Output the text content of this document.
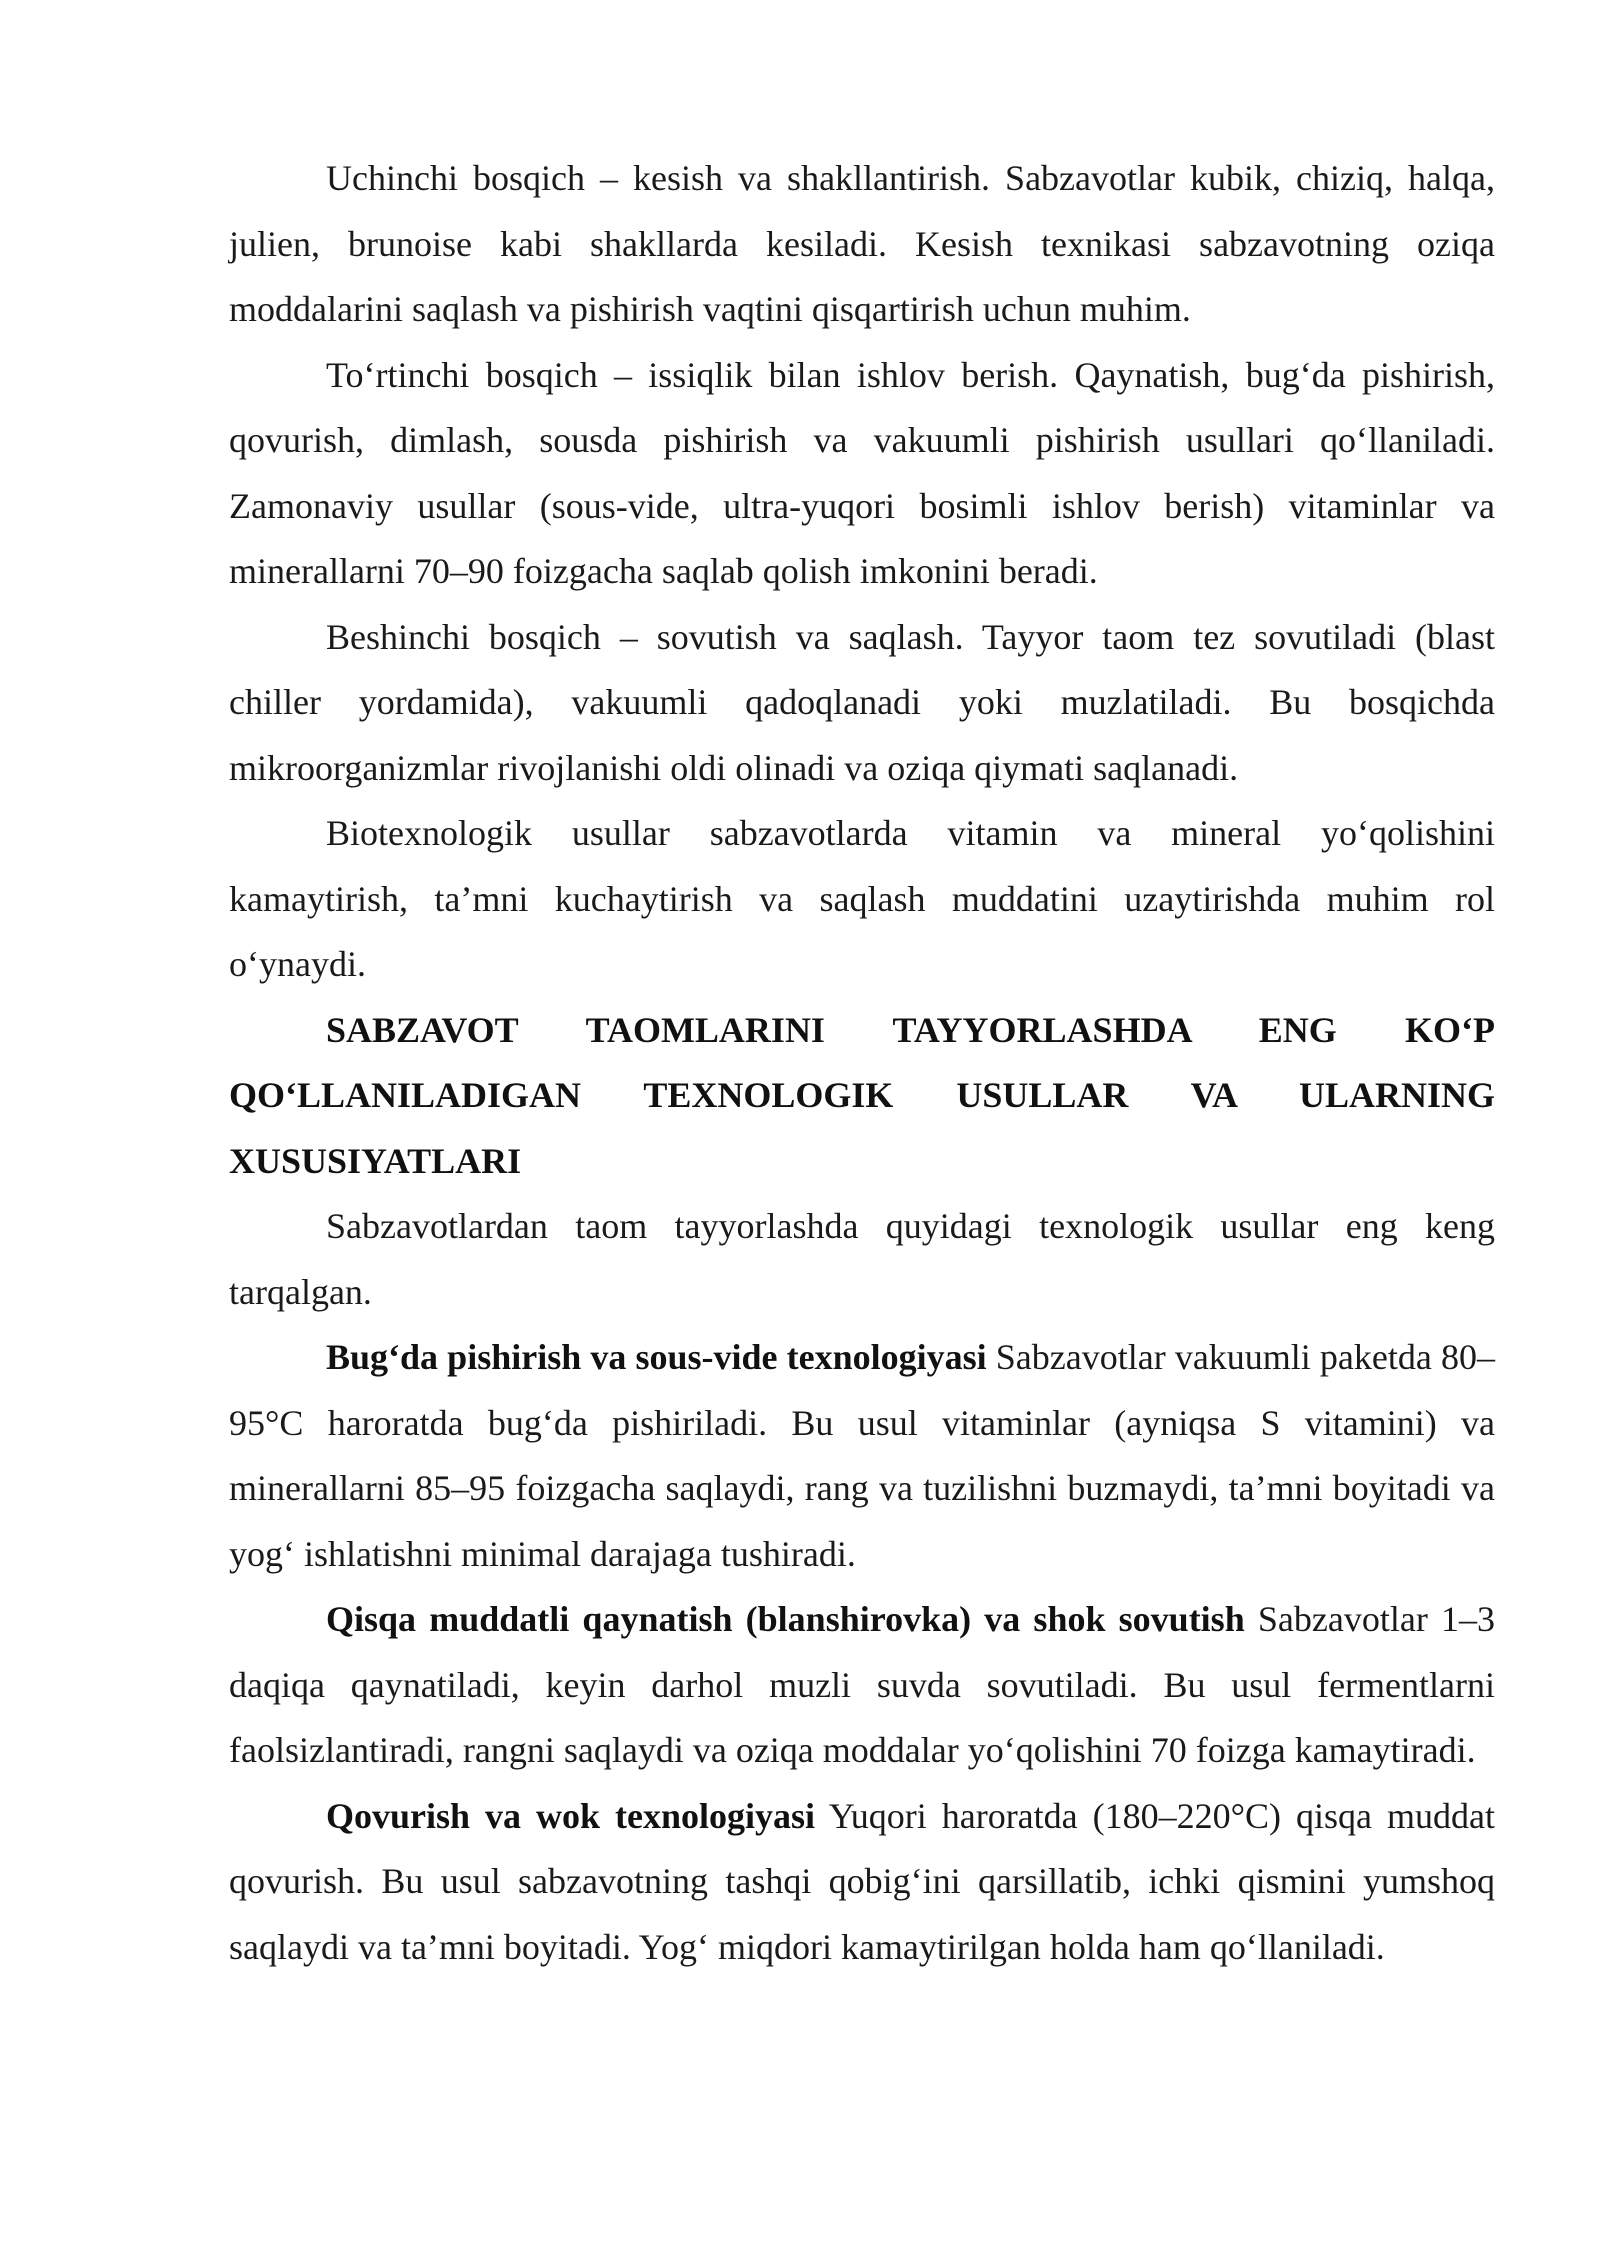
Uchinchi bosqich – kesish va shakllantirish. Sabzavotlar kubik, chiziq, halqa, julien, brunoise kabi shakllarda kesiladi. Kesish texnikasi sabzavotning oziqa moddalarini saqlash va pishirish vaqtini qisqartirish uchun muhim.

To‘rtinchi bosqich – issiqlik bilan ishlov berish. Qaynatish, bug‘da pishirish, qovurish, dimlash, sousda pishirish va vakuumli pishirish usullari qo‘llaniladi. Zamonaviy usullar (sous-vide, ultra-yuqori bosimli ishlov berish) vitaminlar va minerallarni 70–90 foizgacha saqlab qolish imkonini beradi.

Beshinchi bosqich – sovutish va saqlash. Tayyor taom tez sovutiladi (blast chiller yordamida), vakuumli qadoqlanadi yoki muzlatiladi. Bu bosqichda mikroorganizmlar rivojlanishi oldi olinadi va oziqa qiymati saqlanadi.

Biotexnologik usullar sabzavotlarda vitamin va mineral yo‘qolishini kamaytirish, ta’mni kuchaytirish va saqlash muddatini uzaytirishda muhim rol o‘ynaydi.

SABZAVOT TAOMLARINI TAYYORLASHDA ENG KO‘P QO‘LLANILADIGAN TEXNOLOGIK USULLAR VA ULARNING XUSUSIYATLARI

Sabzavotlardan taom tayyorlashda quyidagi texnologik usullar eng keng tarqalgan.

Bug‘da pishirish va sous-vide texnologiyasi Sabzavotlar vakuumli paketda 80–95°C haroratda bug‘da pishiriladi. Bu usul vitaminlar (ayniqsa S vitamini) va minerallarni 85–95 foizgacha saqlaydi, rang va tuzilishni buzmaydi, ta’mni boyitadi va yog‘ ishlatishni minimal darajaga tushiradi.

Qisqa muddatli qaynatish (blanshirovka) va shok sovutish Sabzavotlar 1–3 daqiqa qaynatiladi, keyin darhol muzli suvda sovutiladi. Bu usul fermentlarni faolsizlantiradi, rangni saqlaydi va oziqa moddalar yo‘qolishini 70 foizga kamaytiradi.

Qovurish va wok texnologiyasi Yuqori haroratda (180–220°C) qisqa muddat qovurish. Bu usul sabzavotning tashqi qobig‘ini qarsillatib, ichki qismini yumshoq saqlaydi va ta’mni boyitadi. Yog‘ miqdori kamaytirilgan holda ham qo‘llaniladi.
